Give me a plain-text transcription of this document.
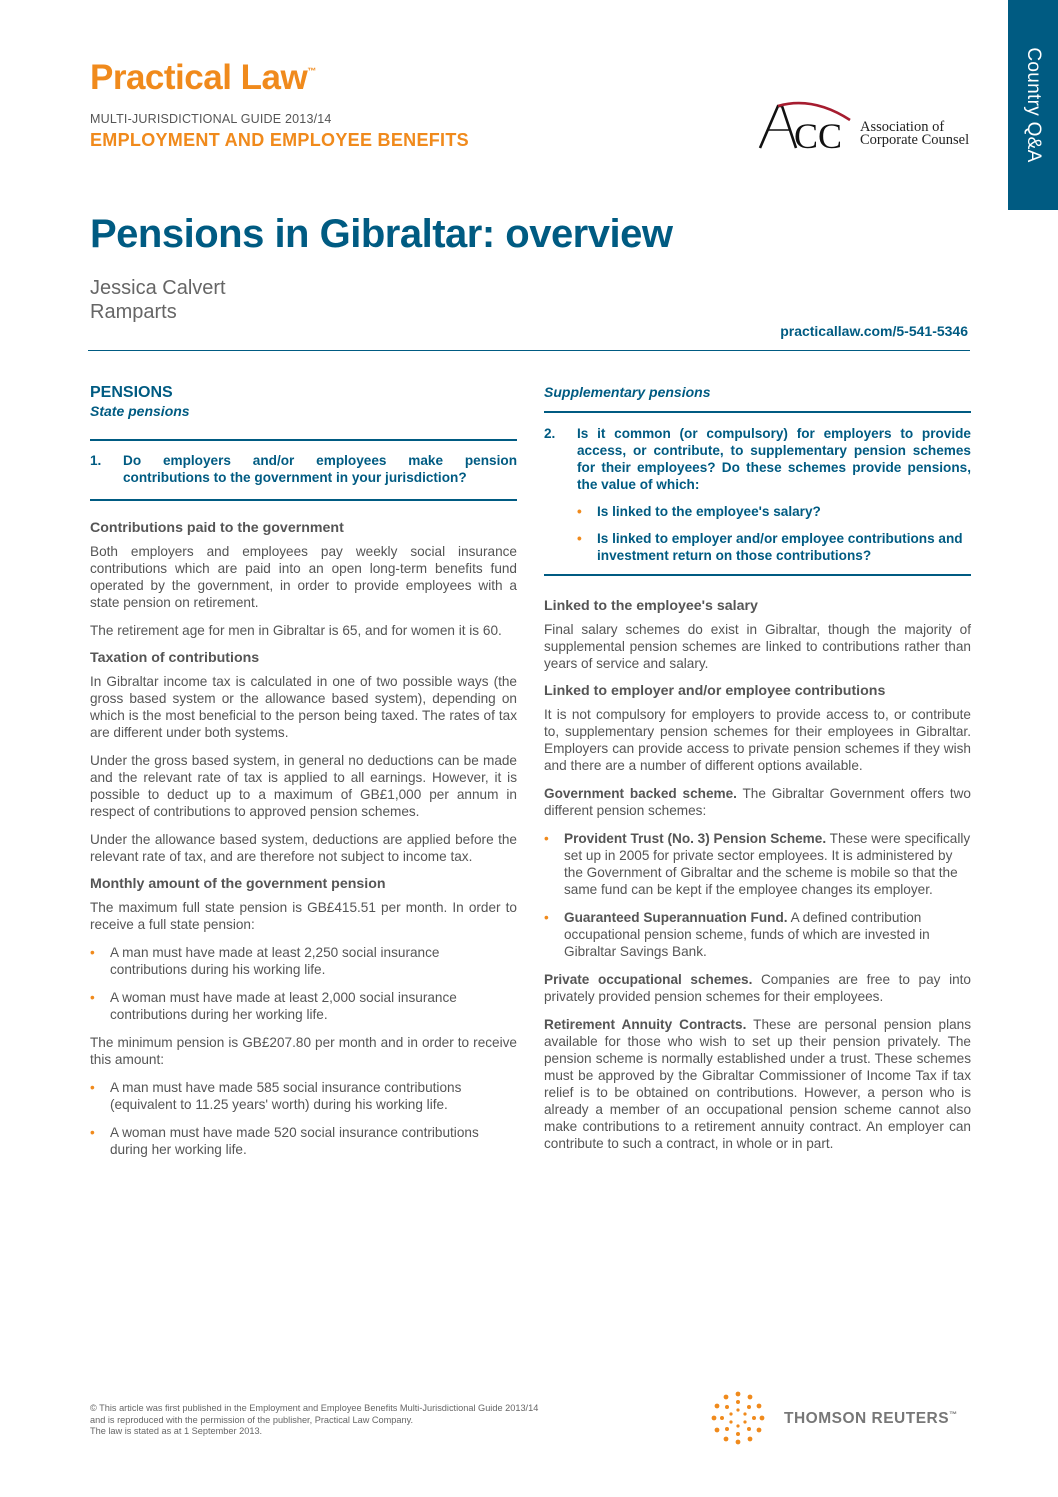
Country Q&A
Practical Law™
MULTI-JURISDICTIONAL GUIDE 2013/14
EMPLOYMENT AND EMPLOYEE BENEFITS	CC Association of
Corporate Counsel
Pensions in Gibraltar: overview
Jessica Calvert
Ramparts
practicallaw.com/5-541-5346
PENSIONS
State pensions
1.	Do employers and/or employees make pension contributions to the government in your jurisdiction?
Contributions paid to the government

Both employers and employees pay weekly social insurance contributions which are paid into an open long-term benefits fund operated by the government, in order to provide employees with a state pension on retirement.

The retirement age for men in Gibraltar is 65, and for women it is 60.

Taxation of contributions

In Gibraltar income tax is calculated in one of two possible ways (the gross based system or the allowance based system), depending on which is the most beneficial to the person being taxed. The rates of tax are different under both systems.

Under the gross based system, in general no deductions can be made and the relevant rate of tax is applied to all earnings. However, it is possible to deduct up to a maximum of GB£1,000 per annum in respect of contributions to approved pension schemes.

Under the allowance based system, deductions are applied before the relevant rate of tax, and are therefore not subject to income tax.

Monthly amount of the government pension

The maximum full state pension is GB£415.51 per month. In order to receive a full state pension:

•	A man must have made at least 2,250 social insurance contributions during his working life.
•	A woman must have made at least 2,000 social insurance contributions during her working life.

The minimum pension is GB£207.80 per month and in order to receive this amount:

•	A man must have made 585 social insurance contributions (equivalent to 11.25 years' worth) during his working life.
•	A woman must have made 520 social insurance contributions during her working life.
Supplementary pensions
2.	Is it common (or compulsory) for employers to provide access, or contribute, to supplementary pension schemes for their employees? Do these schemes provide pensions, the value of which:
•	Is linked to the employee's salary?
•	Is linked to employer and/or employee contributions and investment return on those contributions?
Linked to the employee's salary

Final salary schemes do exist in Gibraltar, though the majority of supplemental pension schemes are linked to contributions rather than years of service and salary.

Linked to employer and/or employee contributions

It is not compulsory for employers to provide access to, or contribute to, supplementary pension schemes for their employees in Gibraltar. Employers can provide access to private pension schemes if they wish and there are a number of different options available.

Government backed scheme. The Gibraltar Government offers two different pension schemes:

•	Provident Trust (No. 3) Pension Scheme. These were specifically set up in 2005 for private sector employees. It is administered by the Government of Gibraltar and the scheme is mobile so that the same fund can be kept if the employee changes its employer.
•	Guaranteed Superannuation Fund. A defined contribution occupational pension scheme, funds of which are invested in Gibraltar Savings Bank.

Private occupational schemes. Companies are free to pay into privately provided pension schemes for their employees.

Retirement Annuity Contracts. These are personal pension plans available for those who wish to set up their pension privately. The pension scheme is normally established under a trust. These schemes must be approved by the Gibraltar Commissioner of Income Tax if tax relief is to be obtained on contributions. However, a person who is already a member of an occupational pension scheme cannot also make contributions to a retirement annuity contract. An employer can contribute to such a contract, in whole or in part.

© This article was first published in the Employment and Employee Benefits Multi-Jurisdictional Guide 2013/14
and is reproduced with the permission of the publisher, Practical Law Company.
The law is stated as at 1 September 2013.
THOMSON REUTERS™
